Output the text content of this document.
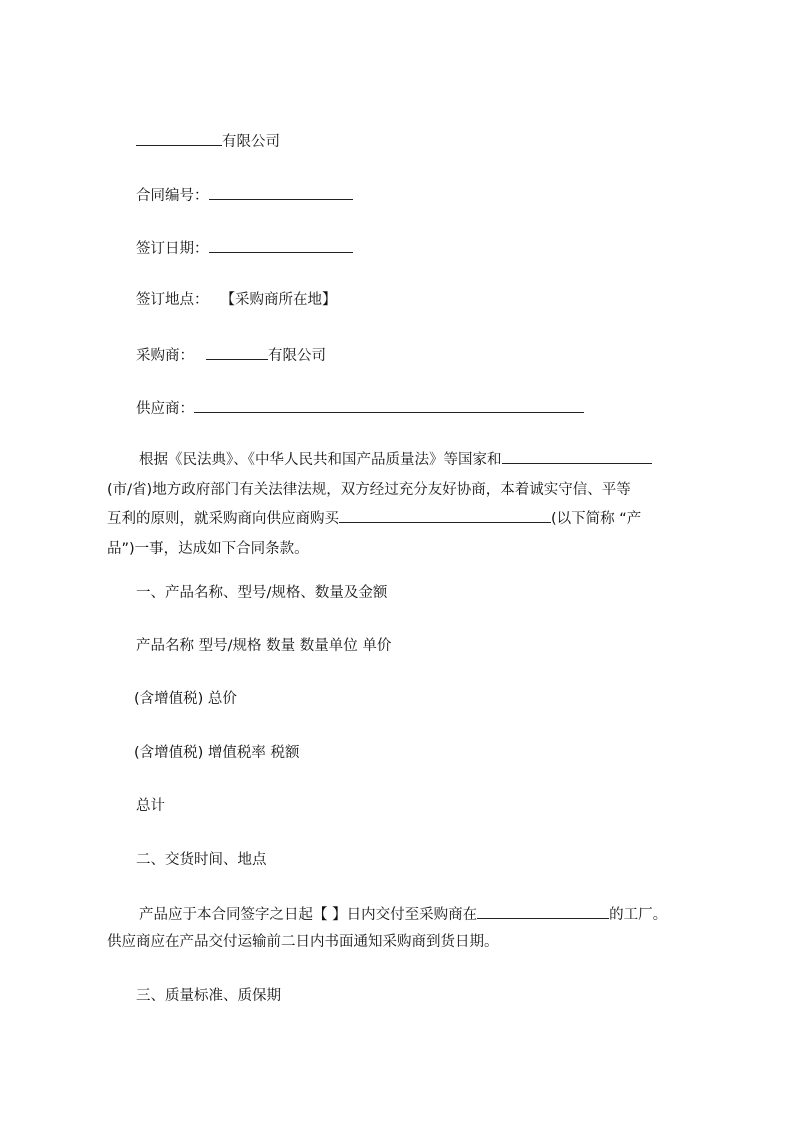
有限公司
合同编号：
签订日期：
签订地点： 【采购商所在地】
采购商：	有限公司
供应商：
根据《民法典》、《中华人民共和国产品质量法》等国家和
(市/省)地方政府部门有关法律法规，双方经过充分友好协商，本着诚实守信、平等
互利的原则，就采购商向供应商购买	(以下简称 “产
品”)一事，达成如下合同条款。
一、产品名称、型号/规格、数量及金额
产品名称 型号/规格 数量 数量单位 单价
(含增值税) 总价
(含增值税) 增值税率 税额
总计
二、交货时间、地点
产品应于本合同签字之日起【 】日内交付至采购商在	的工厂。
供应商应在产品交付运输前二日内书面通知采购商到货日期。
三、质量标准、质保期
